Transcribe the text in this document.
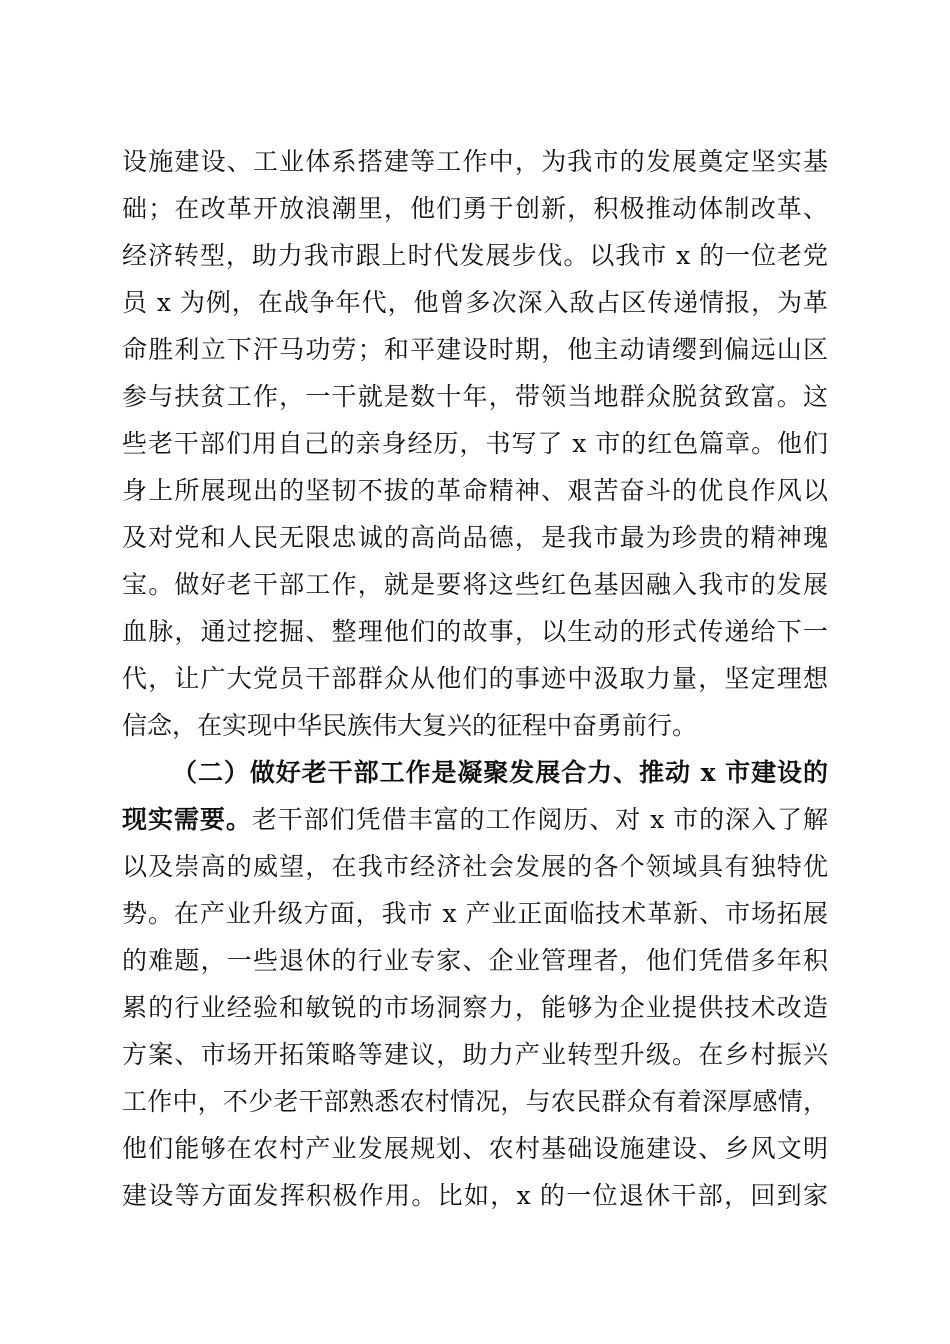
设施建设、工业体系搭建等工作中，为我市的发展奠定坚实基
础；在改革开放浪潮里，他们勇于创新，积极推动体制改革、
经济转型，助力我市跟上时代发展步伐。以我市 x 的一位老党
员 x 为例，在战争年代，他曾多次深入敌占区传递情报，为革
命胜利立下汗马功劳；和平建设时期，他主动请缨到偏远山区
参与扶贫工作，一干就是数十年，带领当地群众脱贫致富。这
些老干部们用自己的亲身经历，书写了 x 市的红色篇章。他们
身上所展现出的坚韧不拔的革命精神、艰苦奋斗的优良作风以
及对党和人民无限忠诚的高尚品德，是我市最为珍贵的精神瑰
宝。做好老干部工作，就是要将这些红色基因融入我市的发展
血脉，通过挖掘、整理他们的故事，以生动的形式传递给下一
代，让广大党员干部群众从他们的事迹中汲取力量，坚定理想
信念，在实现中华民族伟大复兴的征程中奋勇前行。
（二）做好老干部工作是凝聚发展合力、推动 x 市建设的
现实需要。老干部们凭借丰富的工作阅历、对 x 市的深入了解
以及崇高的威望，在我市经济社会发展的各个领域具有独特优
势。在产业升级方面，我市 x 产业正面临技术革新、市场拓展
的难题，一些退休的行业专家、企业管理者，他们凭借多年积
累的行业经验和敏锐的市场洞察力，能够为企业提供技术改造
方案、市场开拓策略等建议，助力产业转型升级。在乡村振兴
工作中，不少老干部熟悉农村情况，与农民群众有着深厚感情，
他们能够在农村产业发展规划、农村基础设施建设、乡风文明
建设等方面发挥积极作用。比如，x 的一位退休干部，回到家
